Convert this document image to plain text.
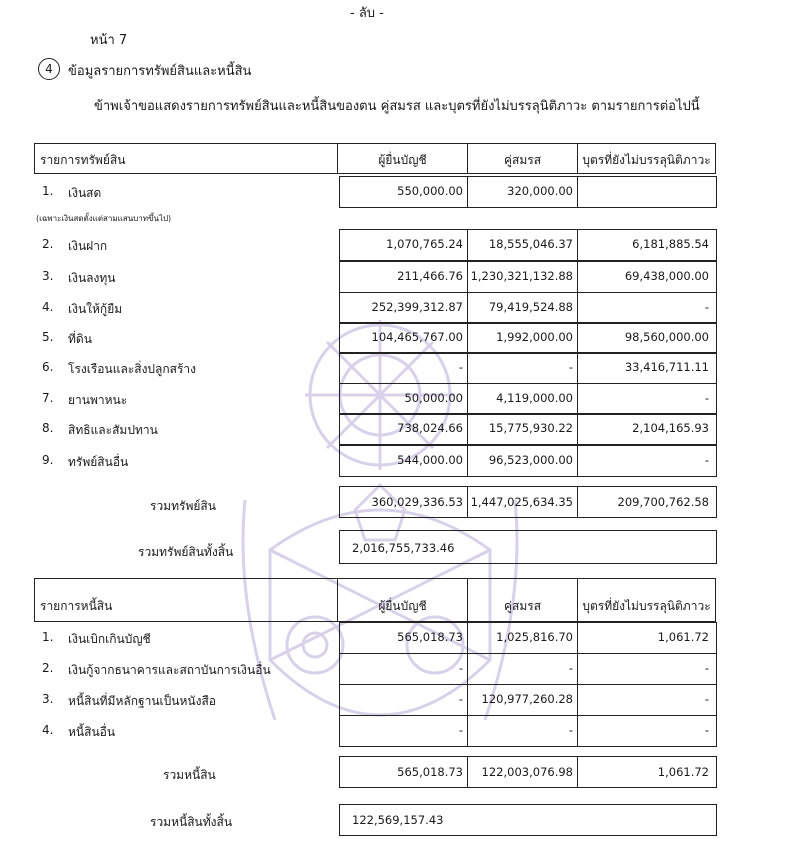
- ลับ -
หน้า 7
4	ข้อมูลรายการทรัพย์สินและหนี้สิน
ข้าพเจ้าขอแสดงรายการทรัพย์สินและหนี้สินของตน คู่สมรส และบุตรที่ยังไม่บรรลุนิติภาวะ ตามรายการต่อไปนี้
รายการทรัพย์สิน	ผู้ยื่นบัญชี	คู่สมรส	บุตรที่ยังไม่บรรลุนิติภาวะ
(เฉพาะเงินสดตั้งแต่สามแสนบาทขึ้นไป)
1.	เงินสด	550,000.00	320,000.00
2.	เงินฝาก	1,070,765.24	18,555,046.37	6,181,885.54
3.	เงินลงทุน	211,466.76 1,230,321,132.88	69,438,000.00
4.	เงินให้กู้ยืม	252,399,312.87	79,419,524.88	-
5.	ที่ดิน	104,465,767.00	1,992,000.00	98,560,000.00
6.	โรงเรือนและสิ่งปลูกสร้าง	-	-	33,416,711.11
7.	ยานพาหนะ	50,000.00	4,119,000.00	-
8.	สิทธิและสัมปทาน	738,024.66	15,775,930.22	2,104,165.93
9.	ทรัพย์สินอื่น	544,000.00	96,523,000.00	-
รวมทรัพย์สิน	360,029,336.53 1,447,025,634.35	209,700,762.58
รวมทรัพย์สินทั้งสิ้น	2,016,755,733.46
รายการหนี้สิน	ผู้ยื่นบัญชี	คู่สมรส	บุตรที่ยังไม่บรรลุนิติภาวะ
1.	เงินเบิกเกินบัญชี	565,018.73	1,025,816.70	1,061.72
2.	เงินกู้จากธนาคารและสถาบันการเงินอื่น	-	-	-
3.	หนี้สินที่มีหลักฐานเป็นหนังสือ	-	120,977,260.28	-
4.	หนี้สินอื่น	-	-	-
รวมหนี้สิน	565,018.73	122,003,076.98	1,061.72
รวมหนี้สินทั้งสิ้น	122,569,157.43
